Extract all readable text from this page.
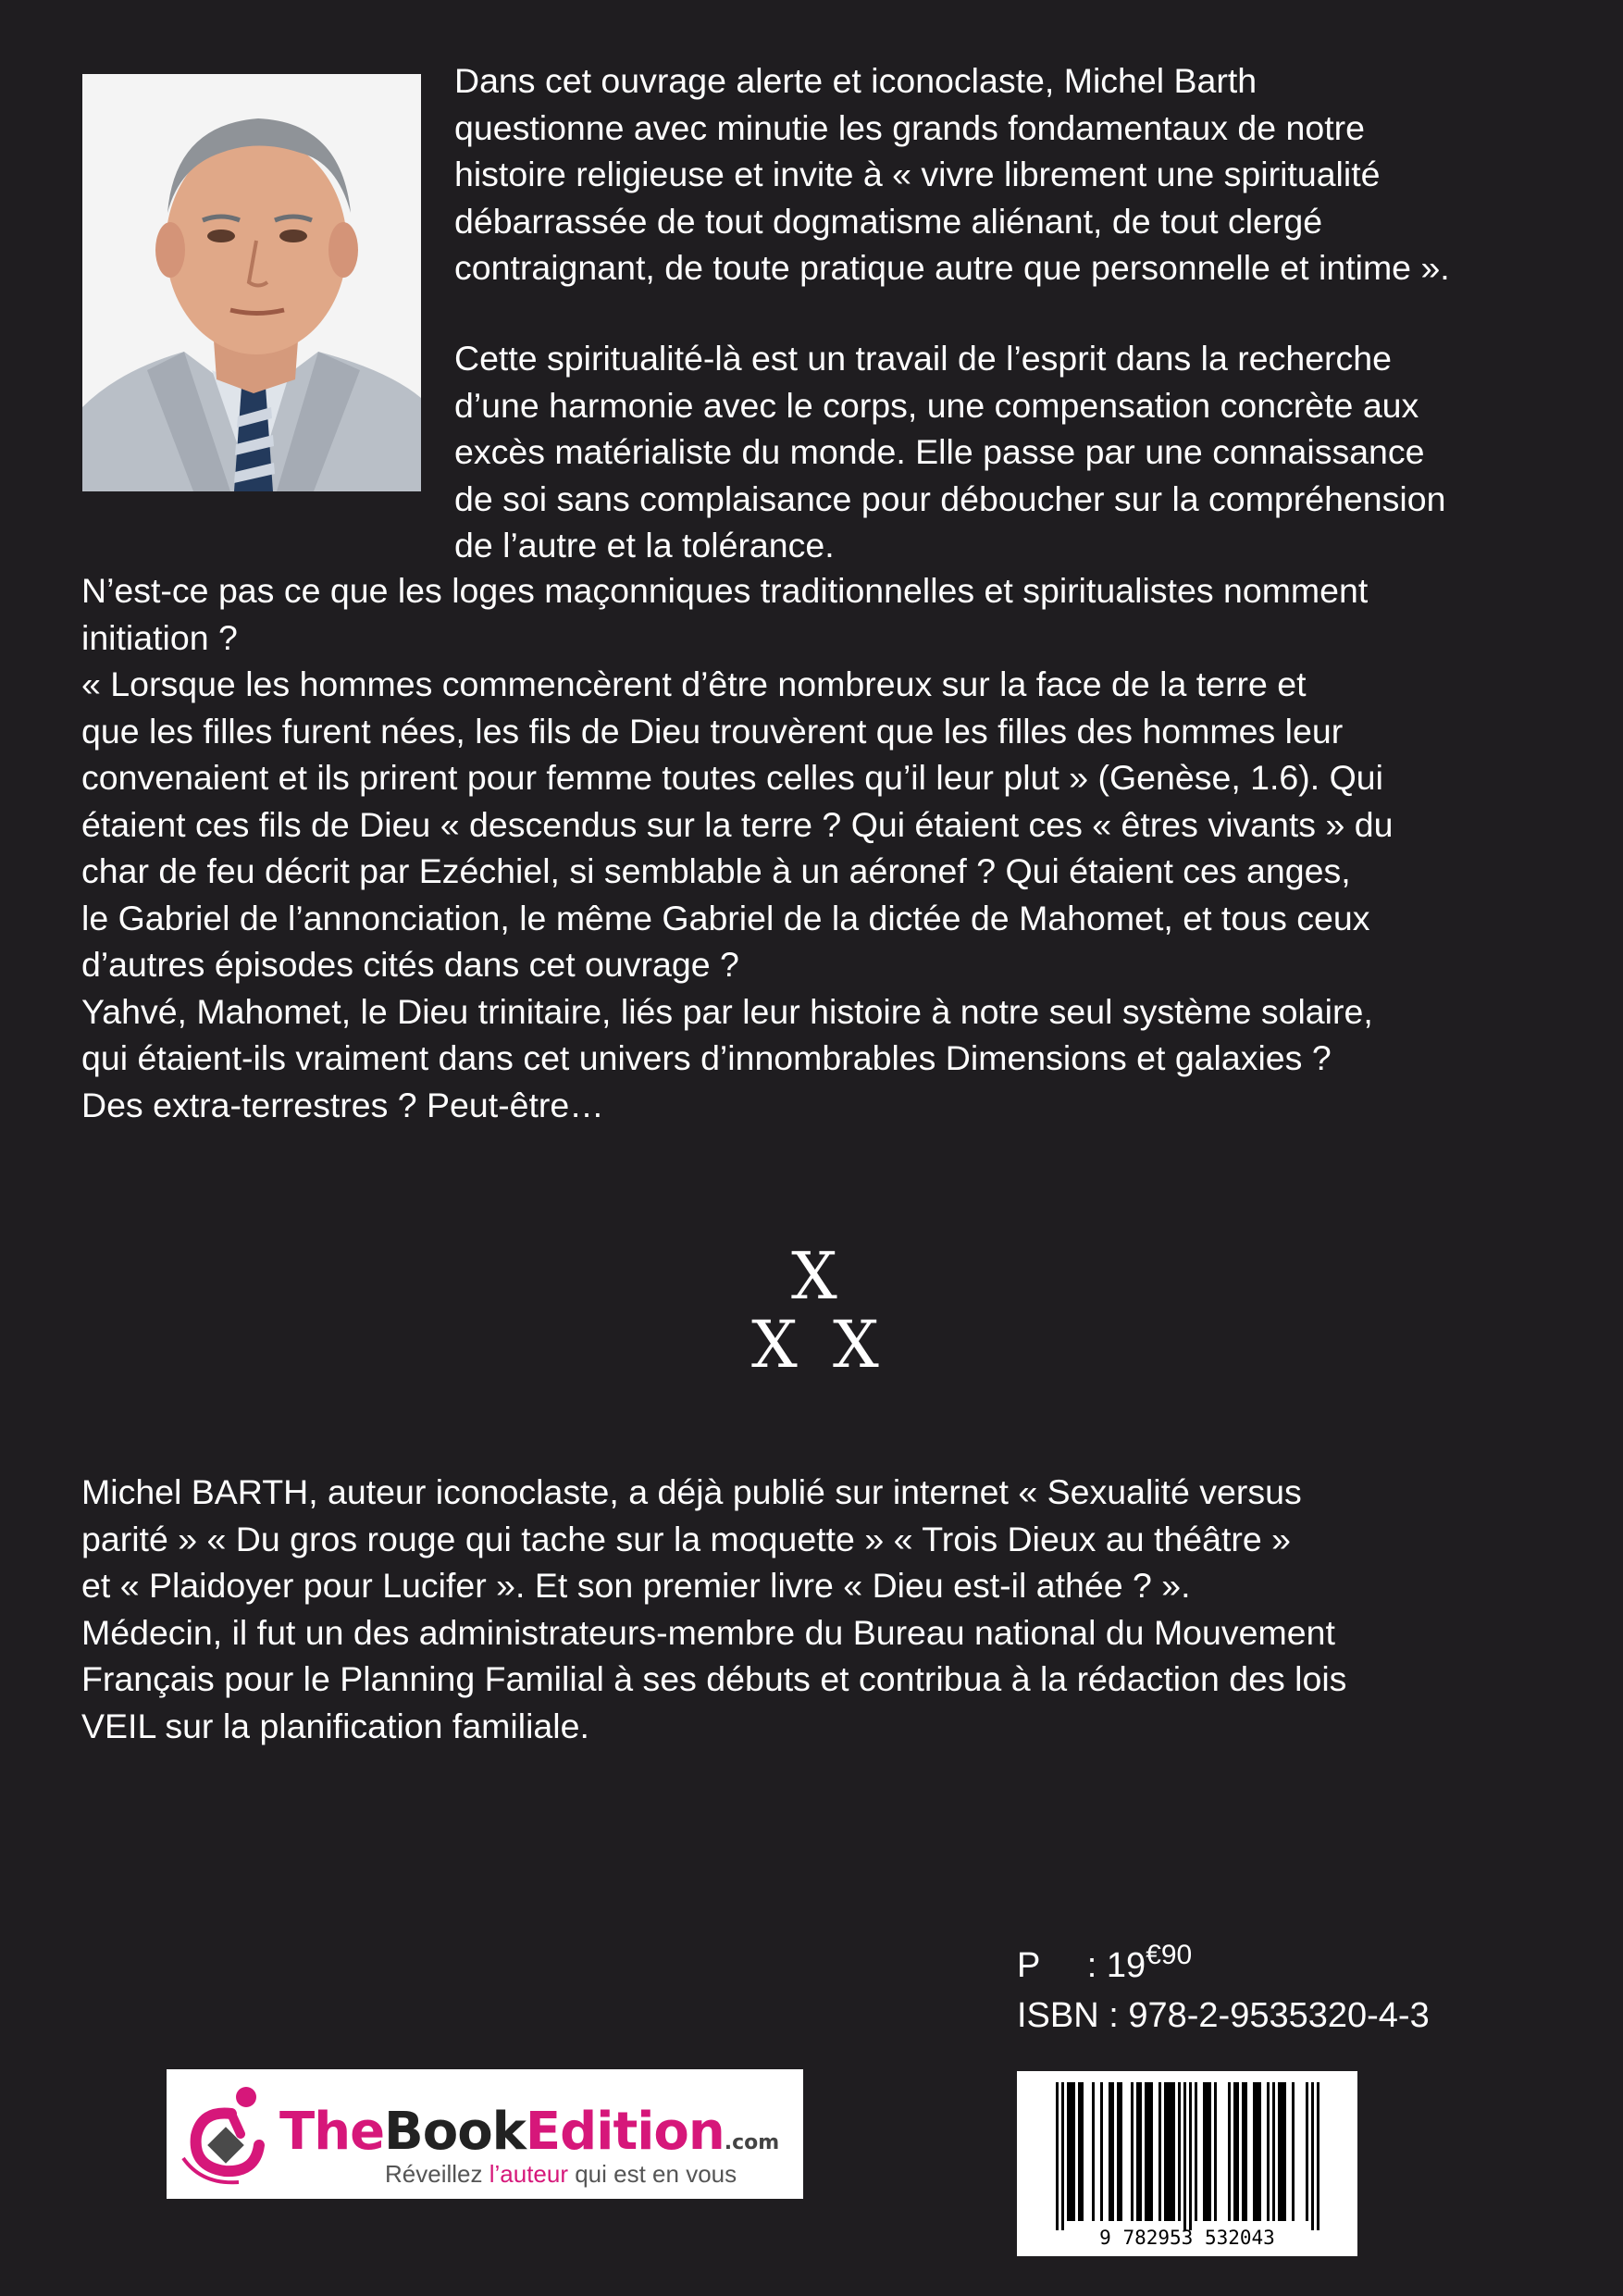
Dans cet ouvrage alerte et iconoclaste, Michel Barth
questionne avec minutie les grands fondamentaux de notre
histoire religieuse et invite à « vivre librement une spiritualité
débarrassée de tout dogmatisme aliénant, de tout clergé
contraignant, de toute pratique autre que personnelle et intime ».
Cette spiritualité-là est un travail de l’esprit dans la recherche
d’une harmonie avec le corps, une compensation concrète aux
excès matérialiste du monde. Elle passe par une connaissance
de soi sans complaisance pour déboucher sur la compréhension
de l’autre et la tolérance.
N’est-ce pas ce que les loges maçonniques traditionnelles et spiritualistes nomment
initiation ?
« Lorsque les hommes commencèrent d’être nombreux sur la face de la terre et
que les filles furent nées, les fils de Dieu trouvèrent que les filles des hommes leur
convenaient et ils prirent pour femme toutes celles qu’il leur plut » (Genèse, 1.6). Qui
étaient ces fils de Dieu « descendus sur la terre ? Qui étaient ces « êtres vivants » du
char de feu décrit par Ezéchiel, si semblable à un aéronef ? Qui étaient ces anges,
le Gabriel de l’annonciation, le même Gabriel de la dictée de Mahomet, et tous ceux
d’autres épisodes cités dans cet ouvrage ?
Yahvé, Mahomet, le Dieu trinitaire, liés par leur histoire à notre seul système solaire,
qui étaient-ils vraiment dans cet univers d’innombrables Dimensions et galaxies ?
Des extra-terrestres ? Peut-être…
X
X X
Michel BARTH, auteur iconoclaste, a déjà publié sur internet « Sexualité versus
parité » « Du gros rouge qui tache sur la moquette » « Trois Dieux au théâtre »
et « Plaidoyer pour Lucifer ». Et son premier livre « Dieu est-il athée ? ».
Médecin, il fut un des administrateurs-membre du Bureau national du Mouvement
Français pour le Planning Familial à ses débuts et contribua à la rédaction des lois
VEIL sur la planification familiale.
P : $19^{€90}$
ISBN : 978-2-9535320-4-3
TheBookEdition.com
Réveillez l’auteur qui est en vous
9 782953 532043
